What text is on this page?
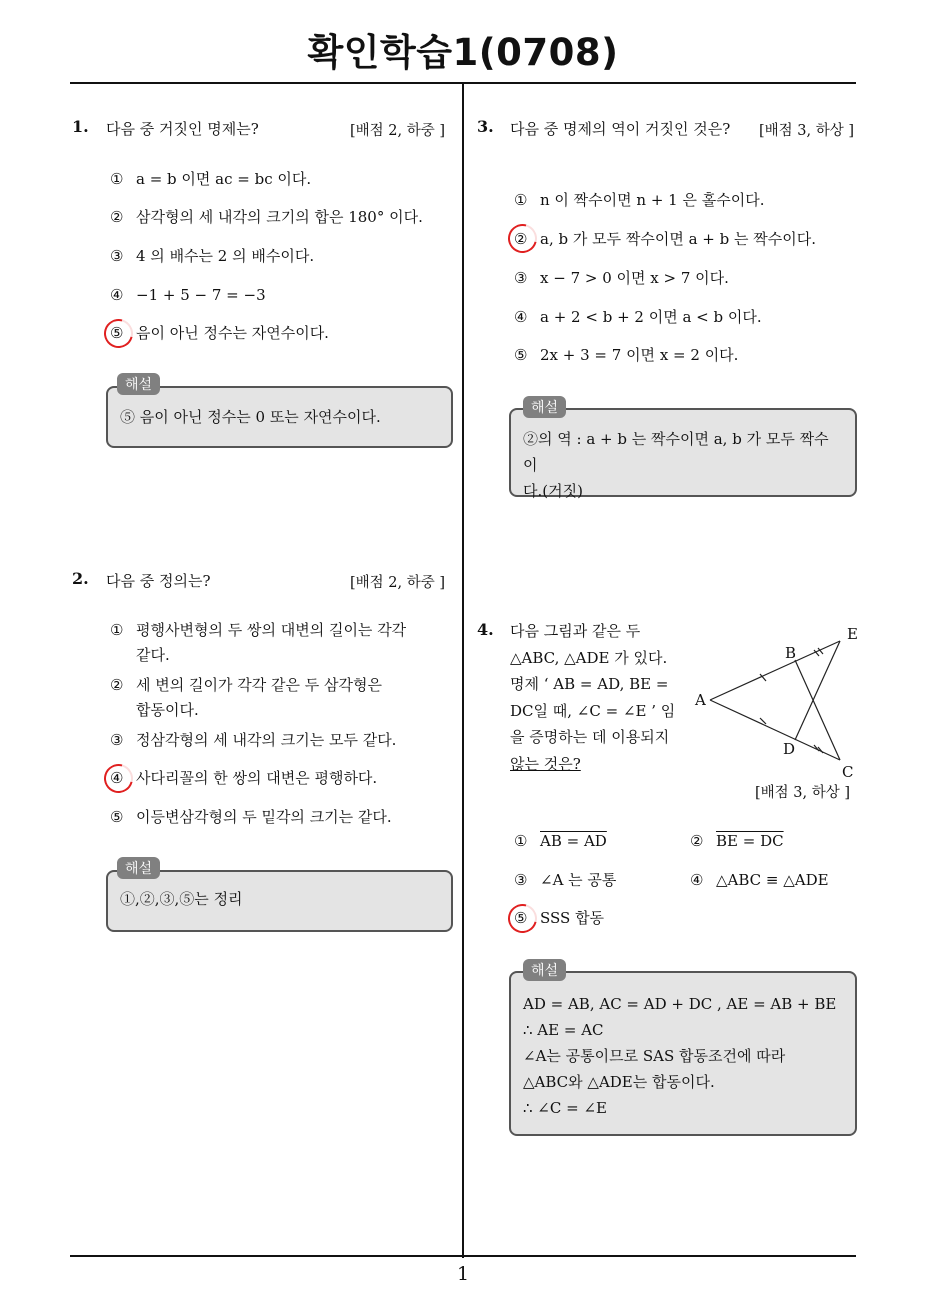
확인학습1(0708)
1
1. 다음 중 거짓인 명제는?	[배점 2, 하중 ]
① a = b 이면 ac = bc 이다.
② 삼각형의 세 내각의 크기의 합은 180° 이다.
③ 4 의 배수는 2 의 배수이다.
④ −1 + 5 − 7 = −3
⑤ 음이 아닌 정수는 자연수이다.
⑤ 음이 아닌 정수는 0 또는 자연수이다.
해설
2. 다음 중 정의는?	[배점 2, 하중 ]
① 평행사변형의 두 쌍의 대변의 길이는 각각
같다.
② 세 변의 길이가 각각 같은 두 삼각형은
합동이다.
③ 정삼각형의 세 내각의 크기는 모두 같다.
④ 사다리꼴의 한 쌍의 대변은 평행하다.
⑤ 이등변삼각형의 두 밑각의 크기는 같다.
①,②,③,⑤는 정리
해설
3. 다음 중 명제의 역이 거짓인 것은? [배점 3, 하상 ]
① n 이 짝수이면 n + 1 은 홀수이다.
② a, b 가 모두 짝수이면 a + b 는 짝수이다.
③ x − 7 > 0 이면 x > 7 이다.
④ a + 2 < b + 2 이면 a < b 이다.
⑤ 2x + 3 = 7 이면 x = 2 이다.
②의 역 : a + b 는 짝수이면 a, b 가 모두 짝수이
다.(거짓)
해설
4. 다음 그림과 같은 두
△ABC, △ADE 가 있다.
명제 ‘ AB = AD, BE =
DC일 때, ∠C = ∠E ’ 임
을 증명하는 데 이용되지
않는 것은?
A
B
C
D
E
[배점 3, 하상 ]
① AB = AD	② BE = DC
③ ∠A 는 공통	④ △ABC ≡ △ADE
⑤ SSS 합동
AD = AB, AC = AD + DC , AE = AB + BE
∴ AE = AC
∠A는 공통이므로 SAS 합동조건에 따라
△ABC와 △ADE는 합동이다.
∴ ∠C = ∠E
해설
